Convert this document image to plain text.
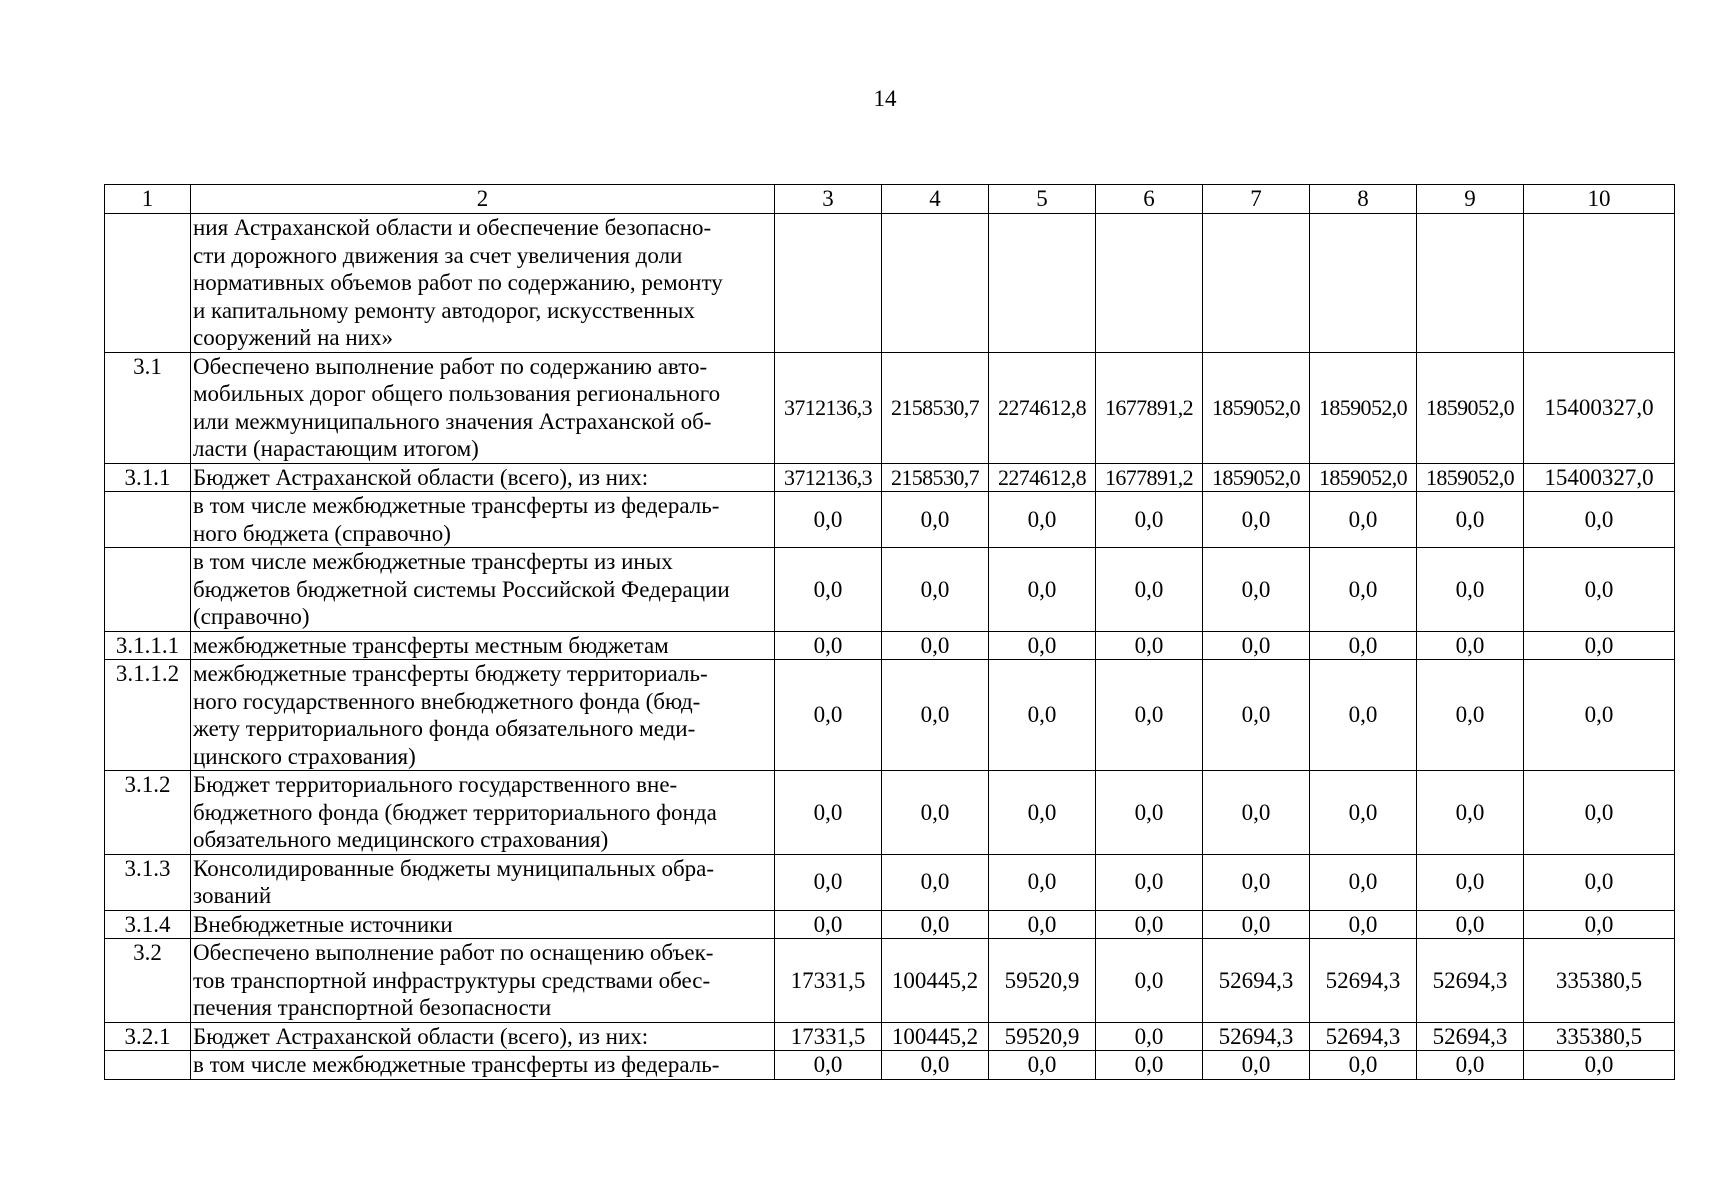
14
1	2	3	4	5	6	7	8	9	10

	ния Астраханской области и обеспечение безопасно-
сти дорожного движения за счет увеличения доли
нормативных объемов работ по содержанию, ремонту
и капитальному ремонту автодорог, искусственных
сооружений на них»								

3.1	Обеспечено выполнение работ по содержанию авто-
мобильных дорог общего пользования регионального
или межмуниципального значения Астраханской об-
ласти (нарастающим итогом)	3712136,3	2158530,7	2274612,8	1677891,2	1859052,0	1859052,0	1859052,0	15400327,0
3.1.1	Бюджет Астраханской области (всего), из них:	3712136,3	2158530,7	2274612,8	1677891,2	1859052,0	1859052,0	1859052,0	15400327,0

	в том числе межбюджетные трансферты из федераль-
ного бюджета (справочно)	0,0	0,0	0,0	0,0	0,0	0,0	0,0	0,0

	в том числе межбюджетные трансферты из иных
бюджетов бюджетной системы Российской Федерации
(справочно)	0,0	0,0	0,0	0,0	0,0	0,0	0,0	0,0
3.1.1.1	межбюджетные трансферты местным бюджетам	0,0	0,0	0,0	0,0	0,0	0,0	0,0	0,0
3.1.1.2	межбюджетные трансферты бюджету территориаль-
ного государственного внебюджетного фонда (бюд-
жету территориального фонда обязательного меди-
цинского страхования)	0,0	0,0	0,0	0,0	0,0	0,0	0,0	0,0
3.1.2	Бюджет территориального государственного вне-
бюджетного фонда (бюджет территориального фонда
обязательного медицинского страхования)	0,0	0,0	0,0	0,0	0,0	0,0	0,0	0,0
3.1.3	Консолидированные бюджеты муниципальных обра-
зований	0,0	0,0	0,0	0,0	0,0	0,0	0,0	0,0
3.1.4	Внебюджетные источники	0,0	0,0	0,0	0,0	0,0	0,0	0,0	0,0
3.2	Обеспечено выполнение работ по оснащению объек-
тов транспортной инфраструктуры средствами обес-
печения транспортной безопасности	17331,5	100445,2	59520,9	0,0	52694,3	52694,3	52694,3	335380,5
3.2.1	Бюджет Астраханской области (всего), из них:	17331,5	100445,2	59520,9	0,0	52694,3	52694,3	52694,3	335380,5

	в том числе межбюджетные трансферты из федераль-	0,0	0,0	0,0	0,0	0,0	0,0	0,0	0,0
